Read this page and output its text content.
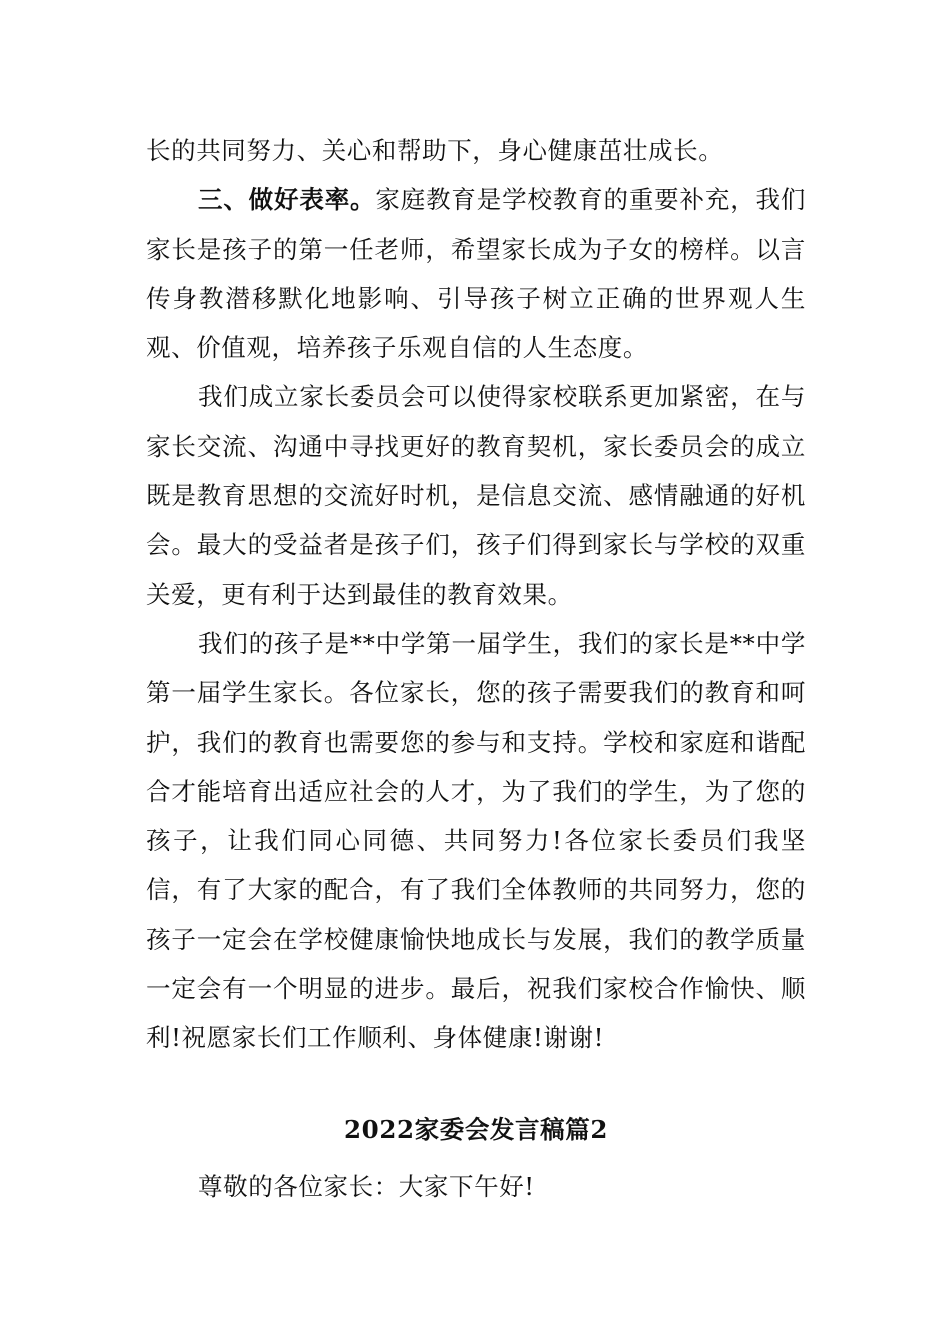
长的共同努力、关心和帮助下，身心健康茁壮成长。

三、做好表率。家庭教育是学校教育的重要补充，我们家长是孩子的第一任老师，希望家长成为子女的榜样。以言传身教潜移默化地影响、引导孩子树立正确的世界观人生观、价值观，培养孩子乐观自信的人生态度。

我们成立家长委员会可以使得家校联系更加紧密，在与家长交流、沟通中寻找更好的教育契机，家长委员会的成立既是教育思想的交流好时机，是信息交流、感情融通的好机会。最大的受益者是孩子们，孩子们得到家长与学校的双重关爱，更有利于达到最佳的教育效果。

我们的孩子是**中学第一届学生，我们的家长是**中学第一届学生家长。各位家长，您的孩子需要我们的教育和呵护，我们的教育也需要您的参与和支持。学校和家庭和谐配合才能培育出适应社会的人才，为了我们的学生，为了您的孩子，让我们同心同德、共同努力!各位家长委员们我坚信，有了大家的配合，有了我们全体教师的共同努力，您的孩子一定会在学校健康愉快地成长与发展，我们的教学质量一定会有一个明显的进步。最后，祝我们家校合作愉快、顺利!祝愿家长们工作顺利、身体健康!谢谢!

2022家委会发言稿篇2

尊敬的各位家长：大家下午好!
